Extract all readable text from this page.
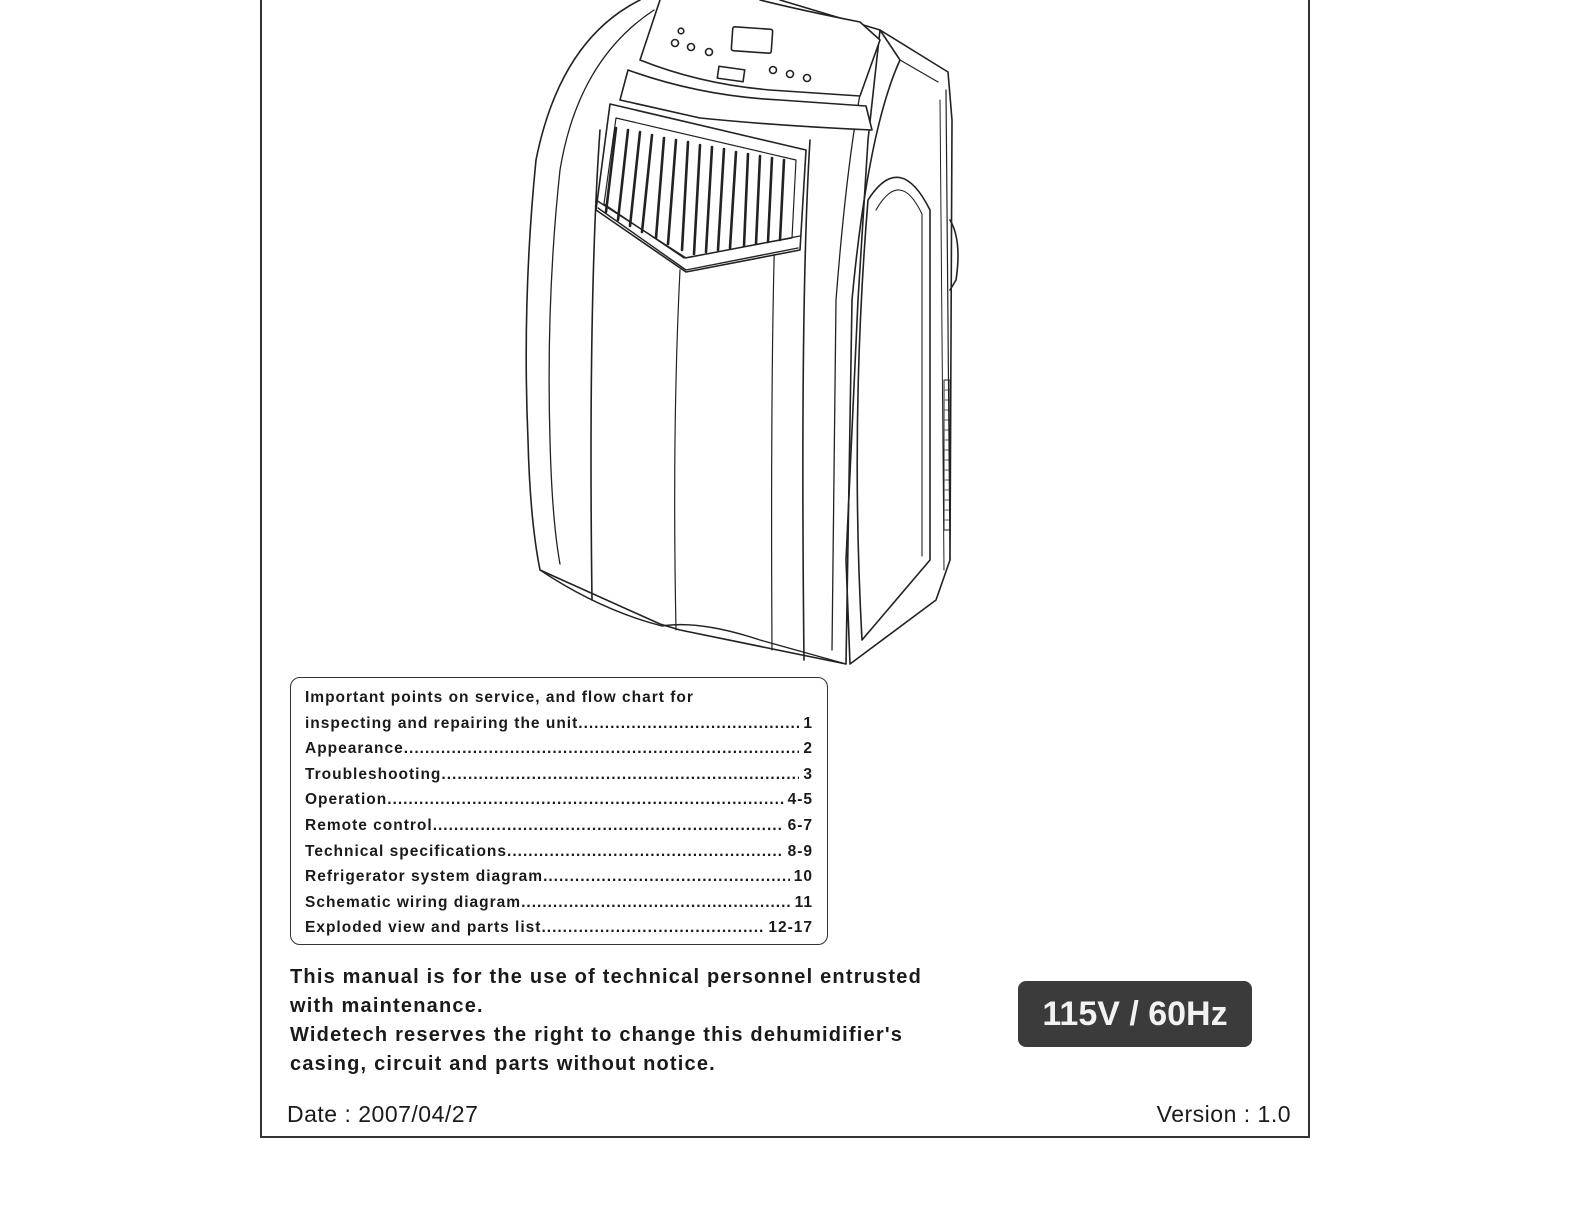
Important points on service, and flow chart for
inspecting and repairing the unit .....	1
Appearance .....	2
Troubleshooting .....	3
Operation .....	4-5
Remote control .....	6-7
Technical specifications .....	8-9
Refrigerator system diagram .....	10
Schematic wiring diagram .....	11
Exploded view and parts list .....	12-17
This manual is for the use of technical personnel entrusted
with maintenance.
Widetech reserves the right to change this dehumidifier's
casing, circuit and parts without notice.
115V / 60Hz
Date : 2007/04/27	Version : 1.0
